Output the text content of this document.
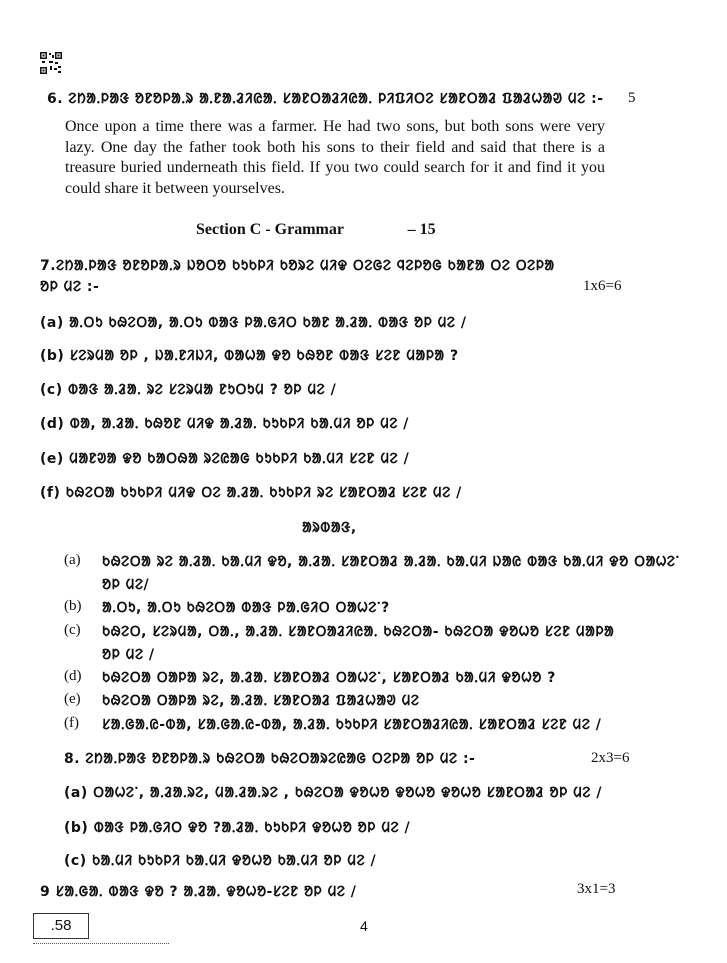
6. ᱮᱴᱟᱹᱞᱟᱝ ᱚᱱᱚᱞᱟᱹᱨ ᱟᱹᱱᱟᱹᱲᱤᱭᱟᱹ ᱥᱟᱱᱛᱟᱲᱤᱭᱟᱹ ᱞᱤᱯᱤᱛᱮ ᱥᱟᱱᱛᱟᱲ ᱯᱟᱲᱦᱟᱣ ᱢᱮ :- 5
Once upon a time there was a farmer. He had two sons, but both sons were very lazy. One day the father took both his sons to their field and said that there is a treasure buried underneath this field. If you two could search for it and find it you could share it between yourselves.
Section C - Grammar	– 15
7.ᱮᱴᱟᱹᱞᱟᱝ ᱚᱱᱚᱞᱟᱹᱨ ᱡᱚᱛᱚ ᱠᱩᱠᱞᱤ ᱠᱚᱨᱮ ᱢᱤᱫ ᱛᱮᱜᱮ ᱧᱮᱞᱚᱜ ᱠᱟᱱᱟ ᱛᱮ ᱛᱮᱞᱟ
ᱚᱞ ᱢᱮ :-	1x6=6
(a) ᱟᱹᱛᱩ ᱠᱷᱮᱛᱟ, ᱟᱹᱛᱩ ᱵᱟᱝ ᱞᱟᱹᱜᱤᱛ ᱠᱟᱱ ᱟᱹᱲᱟᱹ ᱵᱟᱝ ᱚᱞ ᱢᱮ /
(b) ᱥᱮᱨᱢᱟ ᱚᱞ , ᱡᱟᱹᱱᱤᱡᱤ, ᱵᱟᱦᱟ ᱫᱚ ᱠᱷᱚᱱ ᱵᱟᱝ ᱥᱮᱱ ᱢᱟᱞᱟ ?
(c) ᱵᱟᱝ ᱟᱹᱲᱟᱹ ᱨᱮ ᱥᱮᱨᱢᱟ ᱱᱩᱛᱩᱢ ? ᱚᱞ ᱢᱮ /
(d) ᱵᱟ, ᱟᱹᱲᱟᱹ ᱠᱷᱚᱱ ᱢᱤᱫ ᱟᱹᱲᱟᱹ ᱠᱩᱠᱞᱤ ᱠᱟᱹᱢᱤ ᱚᱞ ᱢᱮ /
(e) ᱢᱟᱱᱣᱟ ᱫᱚ ᱠᱟᱛᱷᱟ ᱨᱮᱭᱟᱜ ᱠᱩᱠᱞᱤ ᱠᱟᱹᱢᱤ ᱥᱮᱱ ᱢᱮ /
(f) ᱠᱷᱮᱛᱟ ᱠᱩᱠᱞᱤ ᱢᱤᱫ ᱛᱮ ᱟᱹᱲᱟᱹ ᱠᱩᱠᱞᱤ ᱨᱮ ᱥᱟᱱᱛᱟᱲ ᱥᱮᱱ ᱢᱮ /
ᱟᱨᱵᱟᱝ,
(a) ᱠᱷᱮᱛᱟ ᱨᱮ ᱟᱹᱲᱟᱹ ᱠᱟᱹᱢᱤ ᱫᱚ, ᱟᱹᱲᱟᱹ ᱥᱟᱱᱛᱟᱲ ᱟᱹᱲᱟᱹ ᱠᱟᱹᱢᱤ ᱡᱟᱭ ᱵᱟᱝ ᱠᱟᱹᱢᱤ ᱫᱚ ᱛᱟᱦᱮᱸ
ᱚᱞ ᱢᱮ/
(b) ᱟᱹᱛᱩ, ᱟᱹᱛᱩ ᱠᱷᱮᱛᱟ ᱵᱟᱝ ᱞᱟᱹᱜᱤᱛ ᱛᱟᱦᱮᱸ?
(c) ᱠᱷᱮᱛ, ᱥᱮᱨᱢᱟ, ᱛᱟᱹ, ᱟᱹᱲᱟᱹ ᱥᱟᱱᱛᱟᱲᱤᱭᱟᱹ ᱠᱷᱮᱛᱟ- ᱠᱷᱮᱛᱟ ᱫᱚᱦᱚ ᱥᱮᱱ ᱢᱟᱞᱟ
ᱚᱞ ᱢᱮ /
(d) ᱠᱷᱮᱛᱟ ᱛᱟᱞᱟ ᱨᱮ, ᱟᱹᱲᱟᱹ ᱥᱟᱱᱛᱟᱲ ᱛᱟᱦᱮᱸ, ᱥᱟᱱᱛᱟᱲ ᱠᱟᱹᱢᱤ ᱫᱚᱦᱚ ?
(e) ᱠᱷᱮᱛᱟ ᱛᱟᱞᱟ ᱨᱮ, ᱟᱹᱲᱟᱹ ᱥᱟᱱᱛᱟᱲ ᱯᱟᱲᱦᱟᱣ ᱢᱮ
(f) ᱥᱟᱹᱜᱟᱹᱭ-ᱵᱟ, ᱥᱟᱹᱜᱟᱹᱭ-ᱵᱟ, ᱟᱹᱲᱟᱹ ᱠᱩᱠᱞᱤ ᱥᱟᱱᱛᱟᱲᱤᱭᱟᱹ ᱥᱟᱱᱛᱟᱲ ᱥᱮᱱ ᱢᱮ /
8. ᱮᱴᱟᱹᱞᱟᱝ ᱚᱱᱚᱞᱟᱹᱨ ᱠᱷᱮᱛᱟ ᱠᱷᱮᱛᱟᱨᱮᱭᱟᱜ ᱛᱮᱞᱟ ᱚᱞ ᱢᱮ :-	2x3=6
(a) ᱛᱟᱦᱮᱸ, ᱟᱹᱲᱟᱹᱨᱮ, ᱢᱟᱹᱲᱟᱹᱨᱮ , ᱠᱷᱮᱛᱟ ᱫᱚᱦᱚ ᱫᱚᱦᱚ ᱫᱚᱦᱚ ᱥᱟᱱᱛᱟᱲ ᱚᱞ ᱢᱮ /
(b) ᱵᱟᱝ ᱞᱟᱹᱜᱤᱛ ᱫᱚ ?ᱟᱹᱲᱟᱹ ᱠᱩᱠᱞᱤ ᱫᱚᱦᱚ ᱚᱞ ᱢᱮ /
(c) ᱠᱟᱹᱢᱤ ᱠᱩᱠᱞᱤ ᱠᱟᱹᱢᱤ ᱫᱚᱦᱚ ᱠᱟᱹᱢᱤ ᱚᱞ ᱢᱮ /
9 ᱥᱟᱹᱜᱟᱹ ᱵᱟᱝ ᱫᱚ ? ᱟᱹᱲᱟᱹ ᱫᱚᱦᱚ-ᱥᱮᱱ ᱚᱞ ᱢᱮ /	3x1=3
.58	4
